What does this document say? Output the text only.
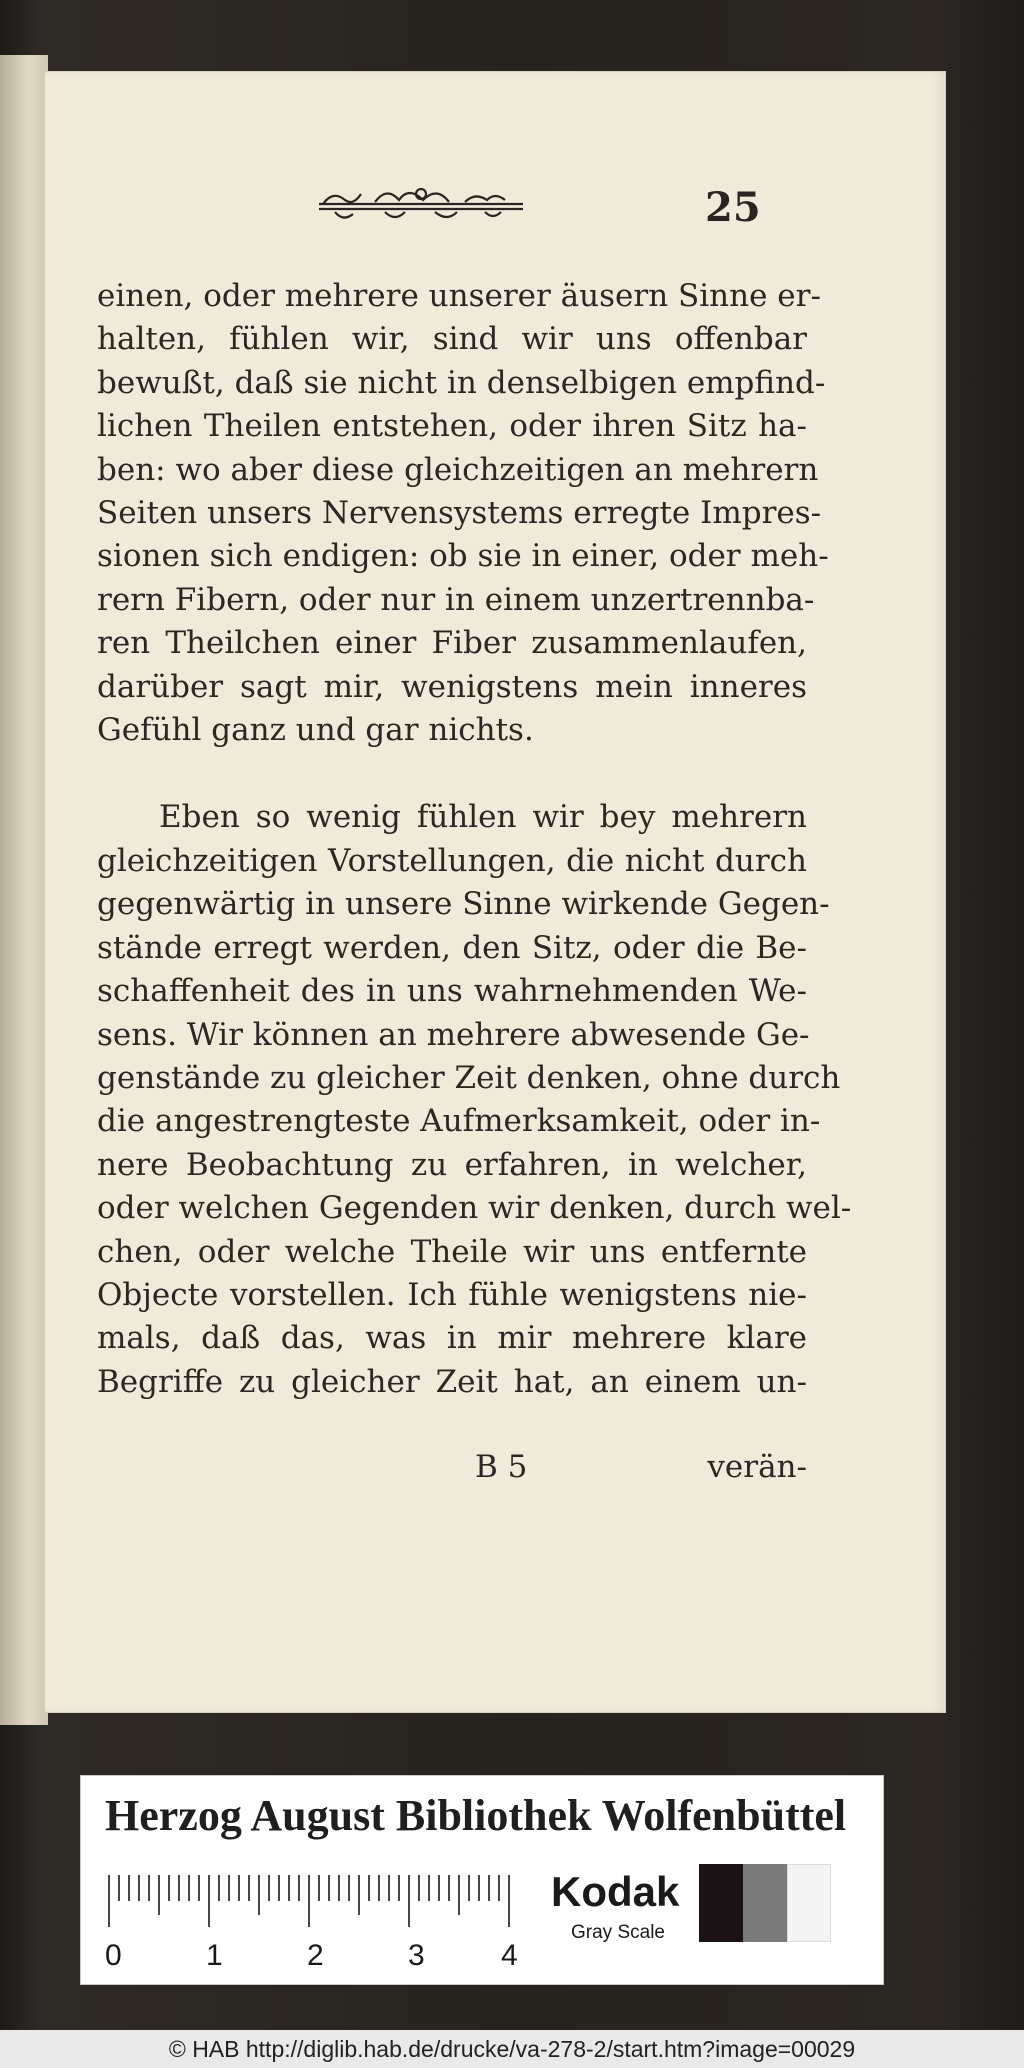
25

einen, oder mehrere unserer äusern Sinne er-
halten, fühlen wir, sind wir uns offenbar
bewußt, daß sie nicht in denselbigen empfind-
lichen Theilen entstehen, oder ihren Sitz ha-
ben: wo aber diese gleichzeitigen an mehrern
Seiten unsers Nervensystems erregte Impres-
sionen sich endigen: ob sie in einer, oder meh-
rern Fibern, oder nur in einem unzertrennba-
ren Theilchen einer Fiber zusammenlaufen,
darüber sagt mir, wenigstens mein inneres
Gefühl ganz und gar nichts.

Eben so wenig fühlen wir bey mehrern
gleichzeitigen Vorstellungen, die nicht durch
gegenwärtig in unsere Sinne wirkende Gegen-
stände erregt werden, den Sitz, oder die Be-
schaffenheit des in uns wahrnehmenden We-
sens. Wir können an mehrere abwesende Ge-
genstände zu gleicher Zeit denken, ohne durch
die angestrengteste Aufmerksamkeit, oder in-
nere Beobachtung zu erfahren, in welcher,
oder welchen Gegenden wir denken, durch wel-
chen, oder welche Theile wir uns entfernte
Objecte vorstellen. Ich fühle wenigstens nie-
mals, daß das, was in mir mehrere klare
Begriffe zu gleicher Zeit hat, an einem un-

B 5	verän-
Herzog August Bibliothek Wolfenbüttel
0	1	2	3	4
Kodak
Gray Scale
© HAB http://diglib.hab.de/drucke/va-278-2/start.htm?image=00029
